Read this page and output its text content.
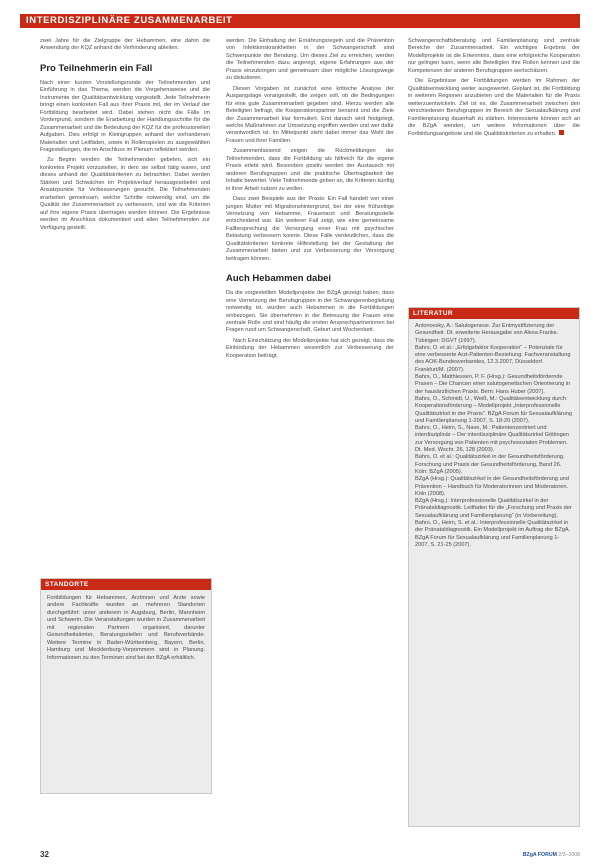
INTERDISZIPLINÄRE ZUSAMMENARBEIT

zwei Jahre für die Zielgruppe der Hebammen, eine dahin die Anwendung der KQZ anhand die Verhinderung ableiten.

Pro Teilnehmerin ein Fall

Nach einer kurzen Vorstellungsrunde der Teilnehmenden und Einführung in das Thema, werden die Vorgehensweise und die Instrumente der Qualitätsentwicklung vorgestellt. Jede Teilnehmerin bringt einen konkreten Fall aus ihrer Praxis mit, der im Verlauf der Fortbildung bearbeitet wird. Dabei stehen nicht die Fälle im Vordergrund, sondern die Erarbeitung der Handlungsschritte für die Zusammenarbeit und die Bedeutung der KQZ für die professionellen Aufgaben. Dies erfolgt in Kleingruppen anhand der vorhandenen Materialien und Leitfäden, sowie in Rollenspielen zu ausgewählten Fragestellungen, die im Anschluss im Plenum reflektiert werden.

Zu Beginn werden die Teilnehmenden gebeten, sich ein konkretes Projekt vorzustellen, in dem sie selbst tätig waren, und dieses anhand der Qualitätskriterien zu betrachten. Dabei werden Stärken und Schwächen im Projektverlauf herausgearbeitet und Ansatzpunkte für Verbesserungen gesucht. Die Teilnehmenden erarbeiten gemeinsam, welche Schritte notwendig sind, um die Qualität der Zusammenarbeit zu verbessern, und wie die Kriterien auf ihre eigene Praxis übertragen werden können. Die Ergebnisse werden im Anschluss dokumentiert und allen Teilnehmenden zur Verfügung gestellt.

STANDORTE

Fortbildungen für Hebammen, Ärztinnen und Ärzte sowie andere Fachkräfte wurden an mehreren Standorten durchgeführt: unter anderem in Augsburg, Berlin, Mannheim und Schwerin. Die Veranstaltungen wurden in Zusammenarbeit mit regionalen Partnern organisiert, darunter Gesundheitsämter, Beratungsstellen und Berufsverbände. Weitere Termine in Baden-Württemberg, Bayern, Berlin, Hamburg und Mecklenburg-Vorpommern sind in Planung. Informationen zu den Terminen sind bei der BZgA erhältlich.

werden. Die Einhaltung der Ernährungsregeln und die Prävention von Infektionskrankheiten in der Schwangerschaft sind Schwerpunkte der Beratung. Um dieses Ziel zu erreichen, werden die Teilnehmenden dazu angeregt, eigene Erfahrungen aus der Praxis einzubringen und gemeinsam über mögliche Lösungswege zu diskutieren.

Diesen Vorgaben ist zunächst eine kritische Analyse der Ausgangslage vorangestellt, die zeigen soll, ob die Bedingungen für eine gute Zusammenarbeit gegeben sind. Hierzu werden alle Beteiligten befragt, die Kooperationspartner benannt und die Ziele der Zusammenarbeit klar formuliert. Erst danach wird festgelegt, welche Maßnahmen zur Umsetzung ergriffen werden und wer dafür verantwortlich ist. Im Mittelpunkt steht dabei immer das Wohl der Frauen und ihrer Familien.

Zusammenfassend zeigen die Rückmeldungen der Teilnehmenden, dass die Fortbildung als hilfreich für die eigene Praxis erlebt wird. Besonders positiv werden der Austausch mit anderen Berufsgruppen und die praktische Übertragbarkeit der Inhalte bewertet. Viele Teilnehmende geben an, die Kriterien künftig in ihrer Arbeit nutzen zu wollen.

Dass zwei Beispiele aus der Praxis: Ein Fall handelt von einer jungen Mutter mit Migrationshintergrund, bei der eine frühzeitige Vernetzung von Hebamme, Frauenarzt und Beratungsstelle entscheidend war. Ein weiterer Fall zeigt, wie eine gemeinsame Fallbesprechung die Versorgung einer Frau mit psychischer Belastung verbessern konnte. Diese Fälle verdeutlichen, dass die Qualitätskriterien konkrete Hilfestellung bei der Gestaltung der Zusammenarbeit bieten und zur Verbesserung der Versorgung beitragen können.

Auch Hebammen dabei

Da die vorgestellten Modellprojekte der BZgA gezeigt haben, dass eine Vernetzung der Berufsgruppen in der Schwangerenbegleitung notwendig ist, wurden auch Hebammen in die Fortbildungen einbezogen. Sie übernehmen in der Betreuung der Frauen eine zentrale Rolle und sind häufig die ersten Ansprechpartnerinnen bei Fragen rund um Schwangerschaft, Geburt und Wochenbett.

Nach Einschätzung der Modellprojekte hat sich gezeigt, dass die Einbindung der Hebammen wesentlich zur Verbesserung der Kooperation beiträgt.

Schwangerschaftsberatung und Familienplanung sind zentrale Bereiche der Zusammenarbeit. Ein wichtiges Ergebnis der Modellprojekte ist die Erkenntnis, dass eine erfolgreiche Kooperation nur gelingen kann, wenn alle Beteiligten ihre Rollen kennen und die Kompetenzen der anderen Berufsgruppen wertschätzen.

Die Ergebnisse der Fortbildungen werden im Rahmen der Qualitätsentwicklung weiter ausgewertet. Geplant ist, die Fortbildung in weiteren Regionen anzubieten und die Materialien für die Praxis weiterzuentwickeln. Ziel ist es, die Zusammenarbeit zwischen den verschiedenen Berufsgruppen im Bereich der Sexualaufklärung und Familienplanung dauerhaft zu stärken. Interessierte können sich an die BZgA wenden, um weitere Informationen über die Fortbildungsangebote und die Qualitätskriterien zu erhalten.

LITERATUR

Antonovsky, A.: Salutogenese. Zur Entmystifizierung der Gesundheit. Dt. erweiterte Herausgabe von Alexa Franke. Tübingen: DGVT (1997).
Bahrs, O. et al.: „Erfolgsfaktor Kooperation“ – Potenziale für eine verbesserte Arzt-Patienten-Beziehung. Fachveranstaltung des AOK-Bundesverbandes, 12.3.2007, Düsseldorf. Frankfurt/M. (2007).
Bahrs, O., Matthiessen, P. F. (Hrsg.): Gesundheitsfördernde Praxen – Die Chancen einer salutogenetischen Orientierung in der hausärztlichen Praxis. Bern: Hans Huber (2007).
Bahrs, O., Schmidt, U., Weiß, M.: Qualitätsentwicklung durch Kooperationsförderung – Modellprojekt „Interprofessionelle Qualitätszirkel in der Praxis“. BZgA Forum für Sexualaufklärung und Familienplanung 1-2007, S. 18-20 (2007).
Bahrs, O., Heim, S., Nave, M.: Patientenzentriert und interdisziplinär – Der interdisziplinäre Qualitätszirkel Göttingen zur Versorgung von Patienten mit psychosozialen Problemen. Dt. Med. Wschr. 26, 128 (2003).
Bahrs, O. et al.: Qualitätszirkel in der Gesundheitsförderung. Forschung und Praxis der Gesundheitsförderung, Band 26. Köln: BZgA (2005).
BZgA (Hrsg.): Qualitätszirkel in der Gesundheitsförderung und Prävention – Handbuch für Moderatorinnen und Moderatoren. Köln (2008).
BZgA (Hrsg.): Interprofessionelle Qualitätszirkel in der Pränataldiagnostik. Leitfaden für die „Forschung und Praxis der Sexualaufklärung und Familienplanung“ (in Vorbereitung).
Bahrs, O., Heim, S. et al.: Interprofessionelle Qualitätszirkel in der Pränataldiagnostik. Ein Modellprojekt im Auftrag der BZgA. BZgA Forum für Sexualaufklärung und Familienplanung 1-2007, S. 21-25 (2007).

32	BZgA FORUM 2/3–2008
